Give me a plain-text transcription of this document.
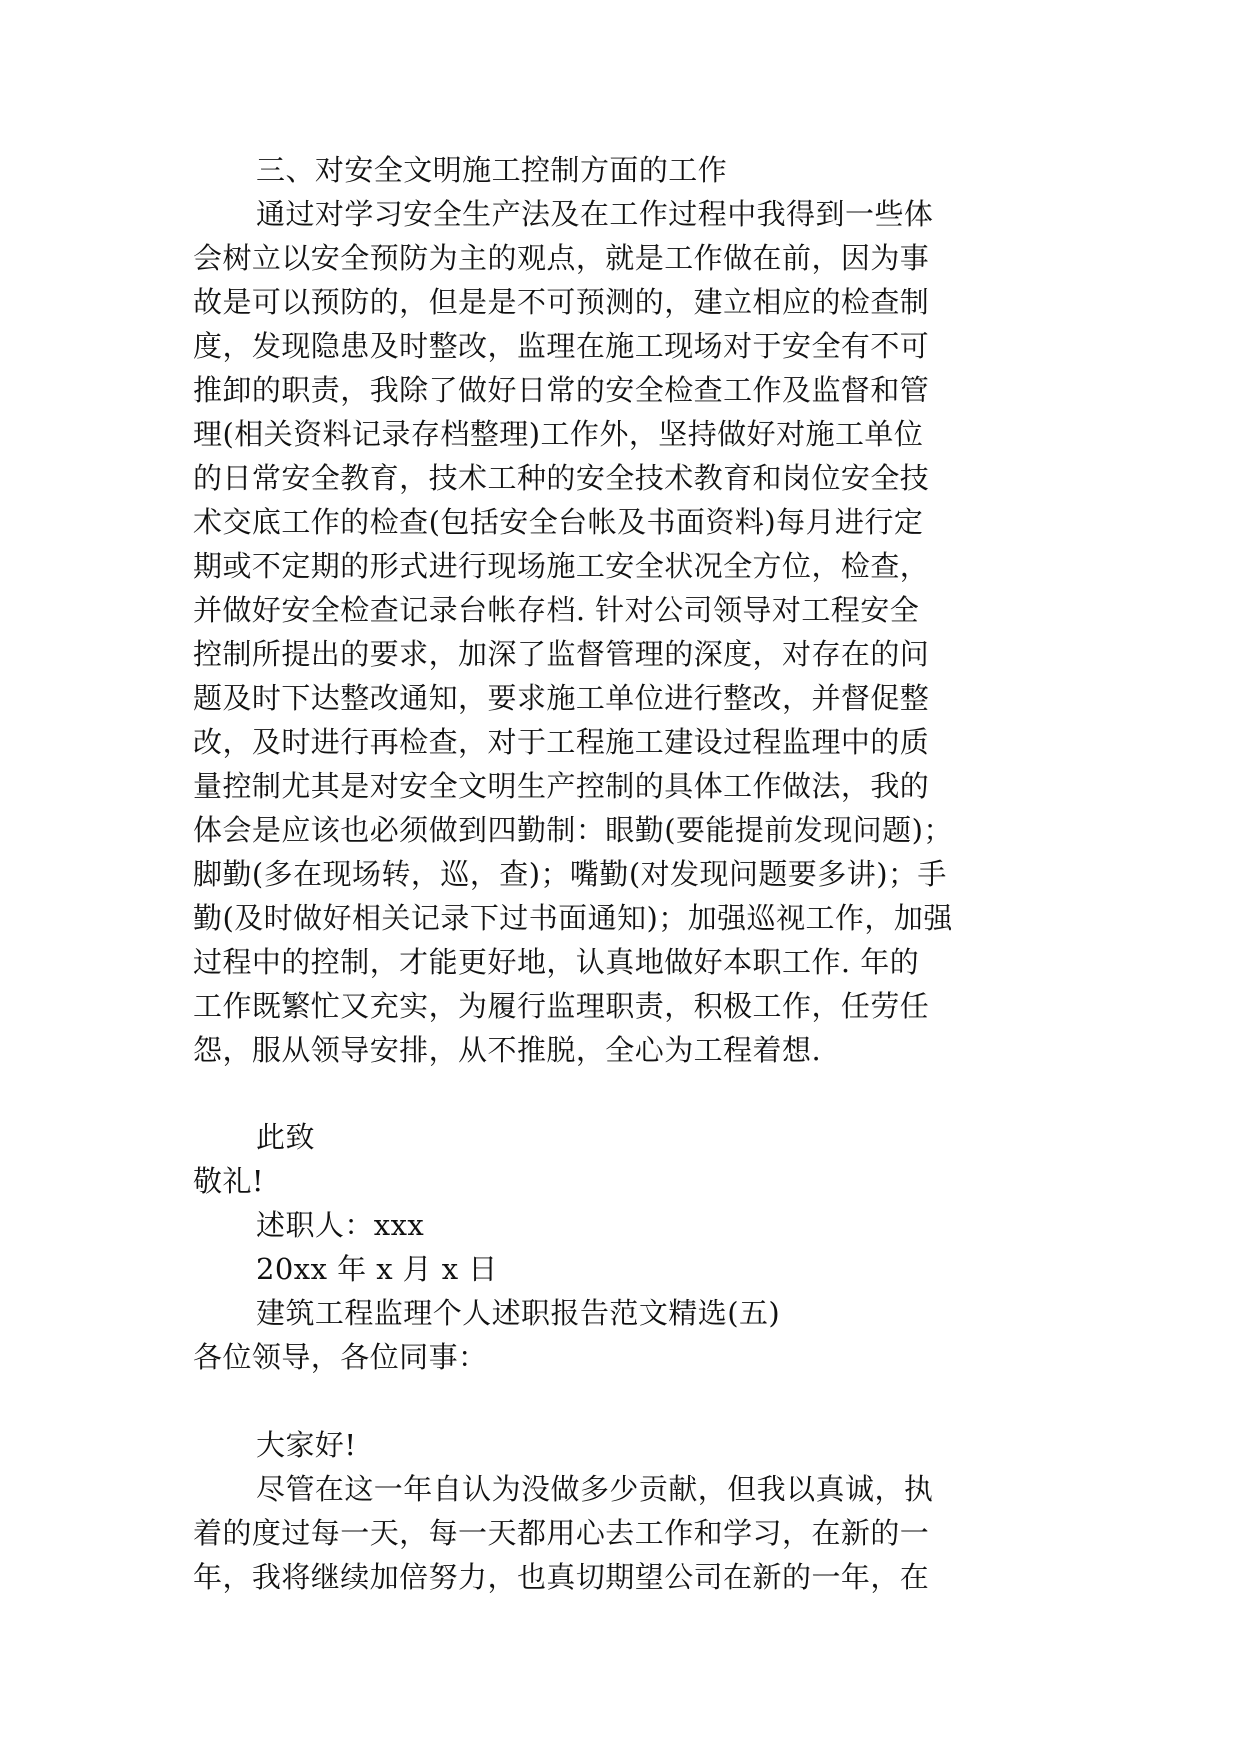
三、对安全文明施工控制方面的工作
通过对学习安全生产法及在工作过程中我得到一些体
会树立以安全预防为主的观点，就是工作做在前，因为事
故是可以预防的，但是是不可预测的，建立相应的检查制
度，发现隐患及时整改，监理在施工现场对于安全有不可
推卸的职责，我除了做好日常的安全检查工作及监督和管
理(相关资料记录存档整理)工作外，坚持做好对施工单位
的日常安全教育，技术工种的安全技术教育和岗位安全技
术交底工作的检查(包括安全台帐及书面资料)每月进行定
期或不定期的形式进行现场施工安全状况全方位，检查，
并做好安全检查记录台帐存档. 针对公司领导对工程安全
控制所提出的要求，加深了监督管理的深度，对存在的问
题及时下达整改通知，要求施工单位进行整改，并督促整
改，及时进行再检查，对于工程施工建设过程监理中的质
量控制尤其是对安全文明生产控制的具体工作做法，我的
体会是应该也必须做到四勤制：眼勤(要能提前发现问题)；
脚勤(多在现场转，巡，查)；嘴勤(对发现问题要多讲)；手
勤(及时做好相关记录下过书面通知)；加强巡视工作，加强
过程中的控制，才能更好地，认真地做好本职工作. 年的
工作既繁忙又充实，为履行监理职责，积极工作，任劳任
怨，服从领导安排，从不推脱，全心为工程着想.
此致
敬礼!
述职人：xxx
20xx 年 x 月 x 日
建筑工程监理个人述职报告范文精选(五)
各位领导，各位同事：
大家好!
尽管在这一年自认为没做多少贡献，但我以真诚，执
着的度过每一天，每一天都用心去工作和学习，在新的一
年，我将继续加倍努力，也真切期望公司在新的一年，在
